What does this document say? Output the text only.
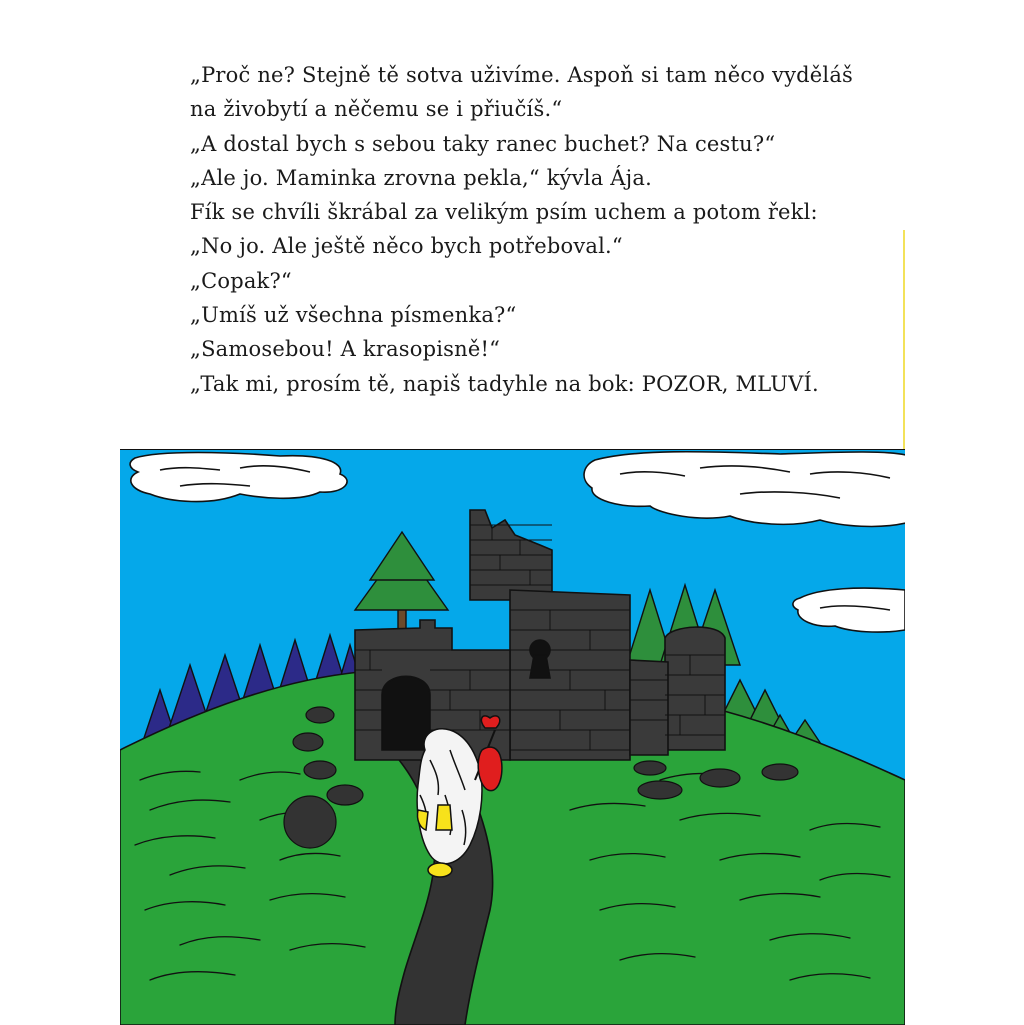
„Proč ne? Stejně tě sotva uživíme. Aspoň si tam něco vyděláš

na živobytí a něčemu se i přiučíš.“

„A dostal bych s sebou taky ranec buchet? Na cestu?“

„Ale jo. Maminka zrovna pekla,“ kývla Ája.

Fík se chvíli škrábal za velikým psím uchem a potom řekl:

„No jo. Ale ještě něco bych potřeboval.“

„Copak?“

„Umíš už všechna písmenka?“

„Samosebou! A krasopisně!“

„Tak mi, prosím tě, napiš tadyhle na bok: POZOR, MLUVÍ.
